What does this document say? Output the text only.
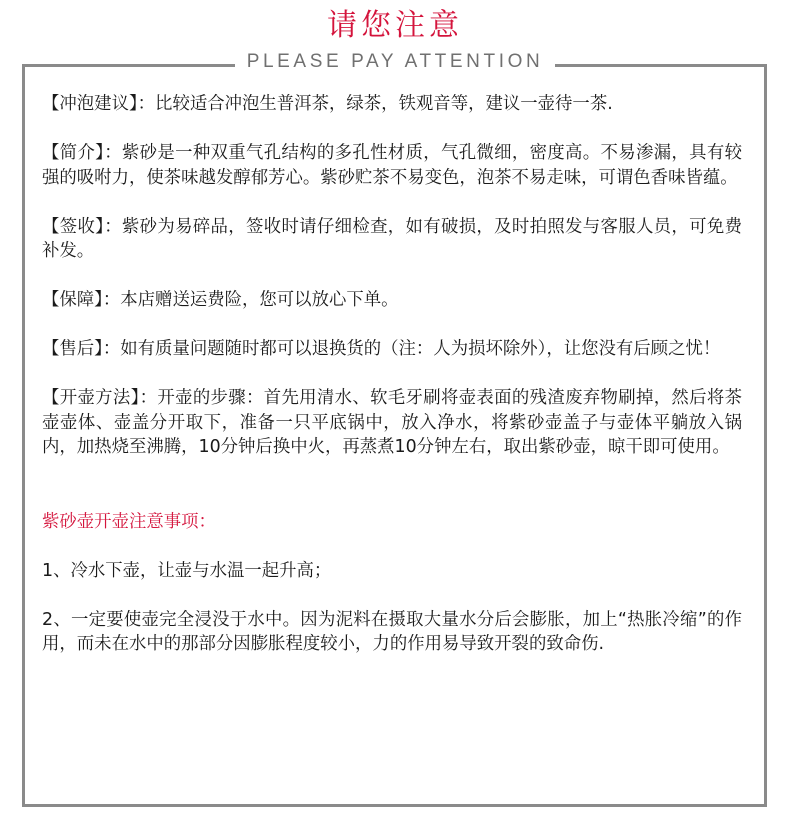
请您注意
PLEASE PAY ATTENTION

【冲泡建议】：比较适合冲泡生普洱茶，绿茶，铁观音等，建议一壶待一茶.

【简介】：紫砂是一种双重气孔结构的多孔性材质，气孔微细，密度高。不易渗漏，具有较强的吸咐力，使茶味越发醇郁芳心。紫砂贮茶不易变色，泡茶不易走味，可谓色香味皆蕴。

【签收】：紫砂为易碎品，签收时请仔细检查，如有破损，及时拍照发与客服人员，可免费补发。

【保障】：本店赠送运费险，您可以放心下单。

【售后】：如有质量问题随时都可以退换货的（注：人为损坏除外），让您没有后顾之忧！

【开壶方法】：开壶的步骤：首先用清水、软毛牙刷将壶表面的残渣废弃物刷掉，然后将茶壶壶体、壶盖分开取下，准备一只平底锅中，放入净水，将紫砂壶盖子与壶体平躺放入锅内，加热烧至沸腾，10分钟后换中火，再蒸煮10分钟左右，取出紫砂壶，晾干即可使用。

紫砂壶开壶注意事项：

1、冷水下壶，让壶与水温一起升高；

2、一定要使壶完全浸没于水中。因为泥料在摄取大量水分后会膨胀，加上“热胀冷缩”的作用，而未在水中的那部分因膨胀程度较小，力的作用易导致开裂的致命伤.
